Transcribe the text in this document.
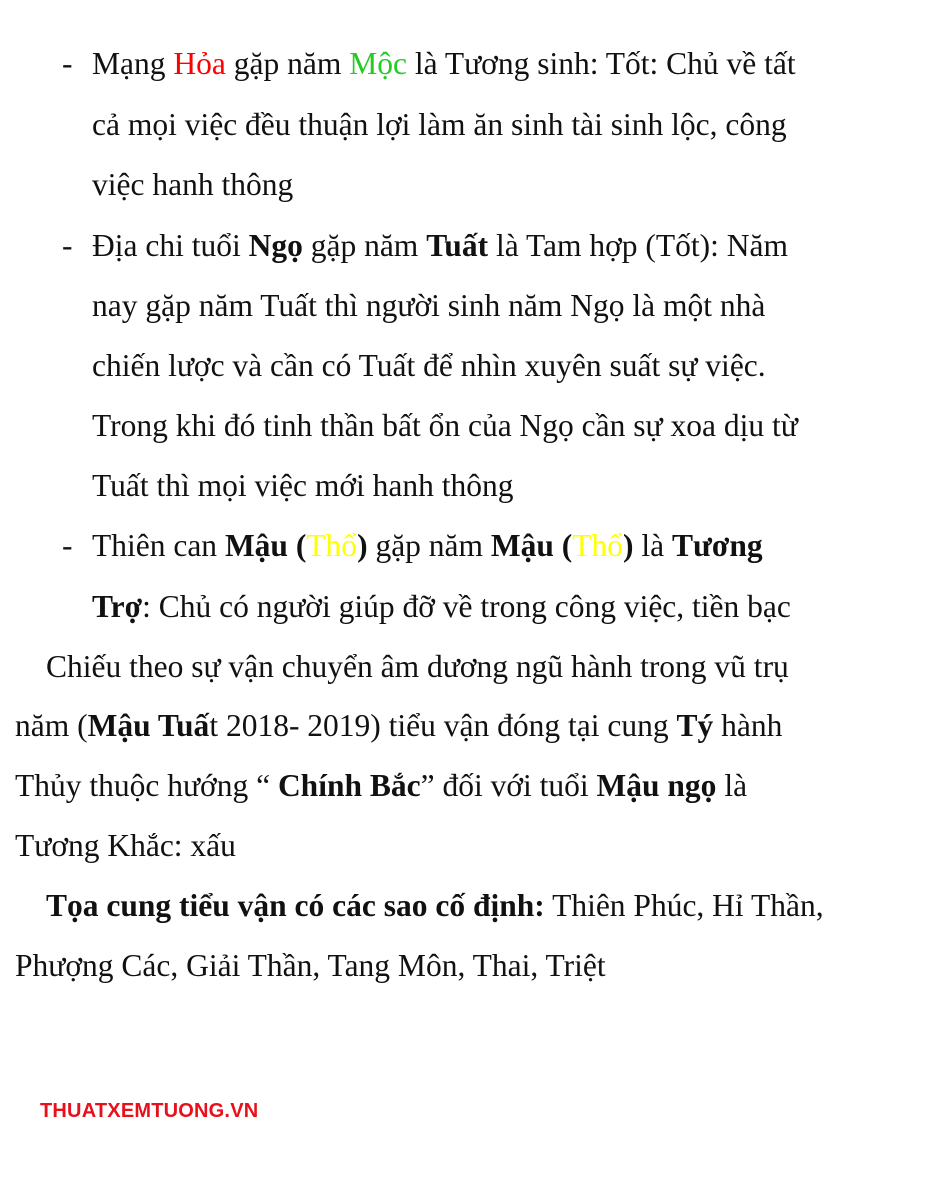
- Mạng Hỏa gặp năm Mộc là Tương sinh: Tốt: Chủ về tất
cả mọi việc đều thuận lợi làm ăn sinh tài sinh lộc, công
việc hanh thông
- Địa chi tuổi Ngọ gặp năm Tuất là Tam hợp (Tốt): Năm
nay gặp năm Tuất thì người sinh năm Ngọ là một nhà
chiến lược và cần có Tuất để nhìn xuyên suất sự việc.
Trong khi đó tinh thần bất ổn của Ngọ cần sự xoa dịu từ
Tuất thì mọi việc mới hanh thông
- Thiên can Mậu (Thổ) gặp năm Mậu (Thổ) là Tương
Trợ: Chủ có người giúp đỡ về trong công việc, tiền bạc
Chiếu theo sự vận chuyển âm dương ngũ hành trong vũ trụ
năm (Mậu Tuất 2018- 2019) tiểu vận đóng tại cung Tý hành
Thủy thuộc hướng “ Chính Bắc” đối với tuổi Mậu ngọ là
Tương Khắc: xấu
Tọa cung tiểu vận có các sao cố định: Thiên Phúc, Hỉ Thần,
Phượng Các, Giải Thần, Tang Môn, Thai, Triệt
THUATXEMTUONG.VN
